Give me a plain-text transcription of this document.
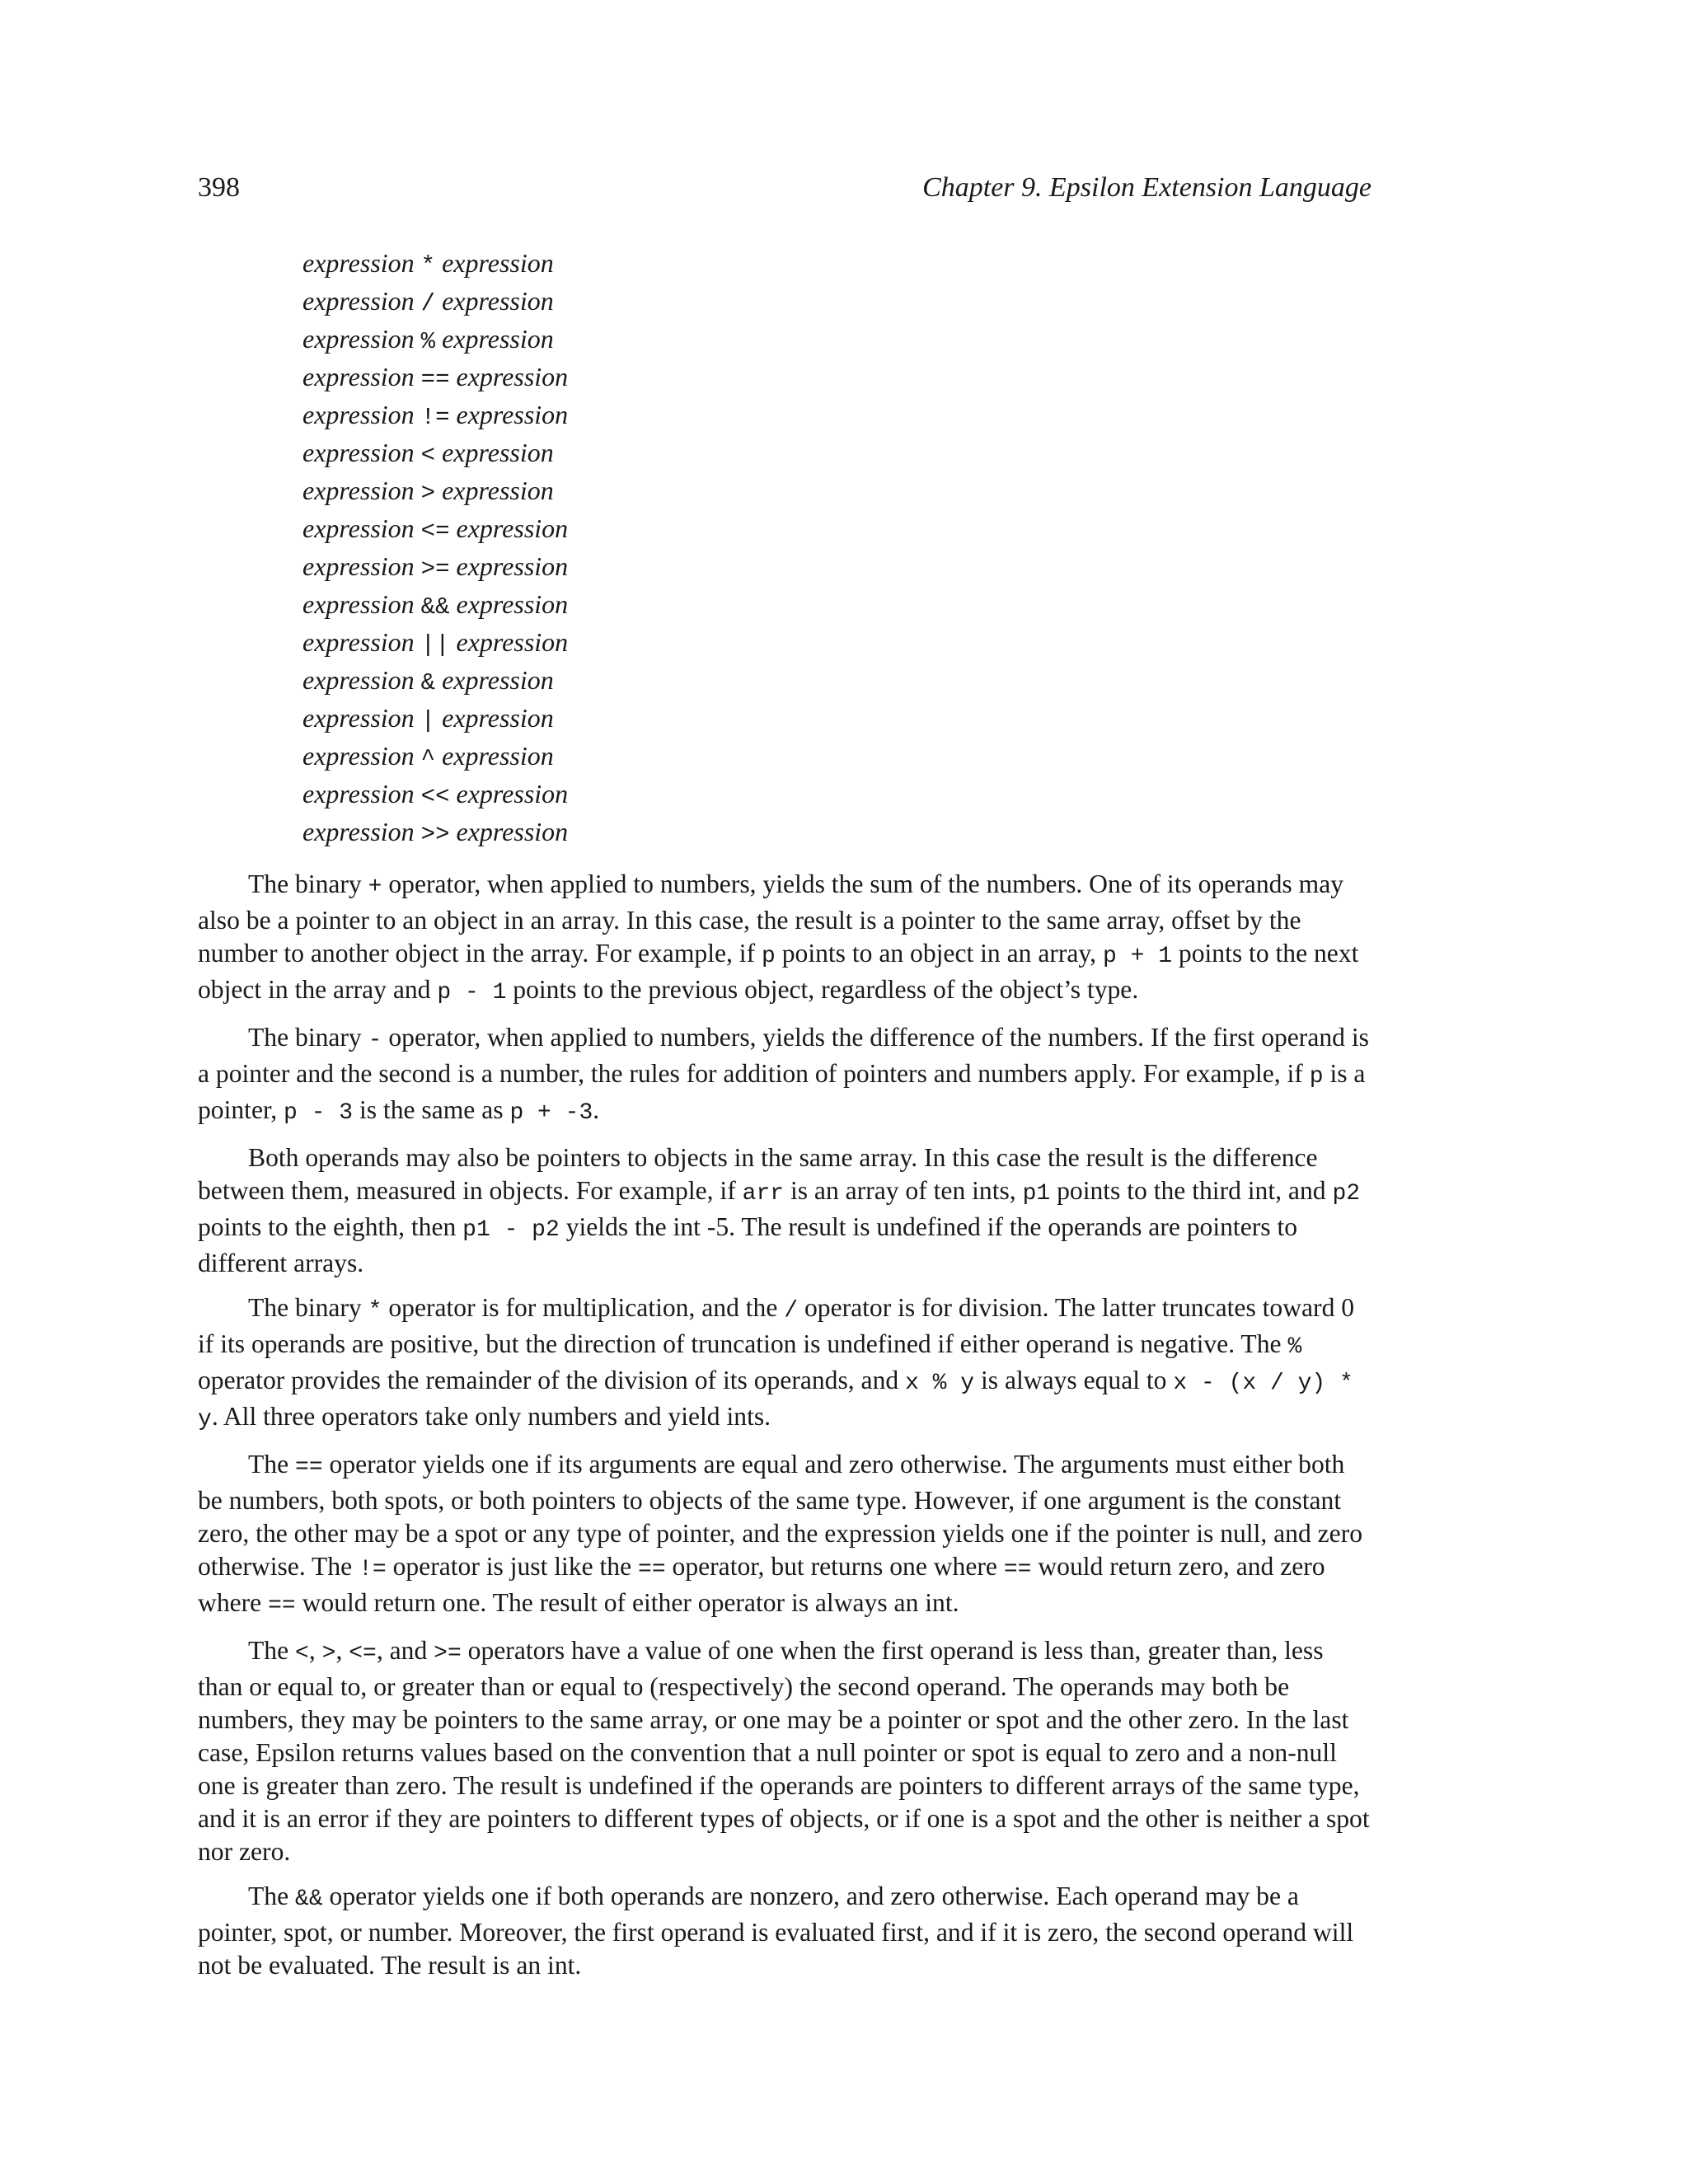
398	Chapter 9. Epsilon Extension Language
expression * expression
expression / expression
expression % expression
expression == expression
expression != expression
expression < expression
expression > expression
expression <= expression
expression >= expression
expression && expression
expression || expression
expression & expression
expression | expression
expression ^ expression
expression << expression
expression >> expression

The binary + operator, when applied to numbers, yields the sum of the numbers. One of its operands may also be a pointer to an object in an array. In this case, the result is a pointer to the same array, offset by the number to another object in the array. For example, if p points to an object in an array, p + 1 points to the next object in the array and p - 1 points to the previous object, regardless of the object’s type.

The binary - operator, when applied to numbers, yields the difference of the numbers. If the first operand is a pointer and the second is a number, the rules for addition of pointers and numbers apply. For example, if p is a pointer, p - 3 is the same as p + -3.

Both operands may also be pointers to objects in the same array. In this case the result is the difference between them, measured in objects. For example, if arr is an array of ten ints, p1 points to the third int, and p2 points to the eighth, then p1 - p2 yields the int -5. The result is undefined if the operands are pointers to different arrays.

The binary * operator is for multiplication, and the / operator is for division. The latter truncates toward 0 if its operands are positive, but the direction of truncation is undefined if either operand is negative. The % operator provides the remainder of the division of its operands, and x % y is always equal to x - (x / y) * y. All three operators take only numbers and yield ints.

The == operator yields one if its arguments are equal and zero otherwise. The arguments must either both be numbers, both spots, or both pointers to objects of the same type. However, if one argument is the constant zero, the other may be a spot or any type of pointer, and the expression yields one if the pointer is null, and zero otherwise. The != operator is just like the == operator, but returns one where == would return zero, and zero where == would return one. The result of either operator is always an int.

The <, >, <=, and >= operators have a value of one when the first operand is less than, greater than, less than or equal to, or greater than or equal to (respectively) the second operand. The operands may both be numbers, they may be pointers to the same array, or one may be a pointer or spot and the other zero. In the last case, Epsilon returns values based on the convention that a null pointer or spot is equal to zero and a non-null one is greater than zero. The result is undefined if the operands are pointers to different arrays of the same type, and it is an error if they are pointers to different types of objects, or if one is a spot and the other is neither a spot nor zero.

The && operator yields one if both operands are nonzero, and zero otherwise. Each operand may be a pointer, spot, or number. Moreover, the first operand is evaluated first, and if it is zero, the second operand will not be evaluated. The result is an int.
